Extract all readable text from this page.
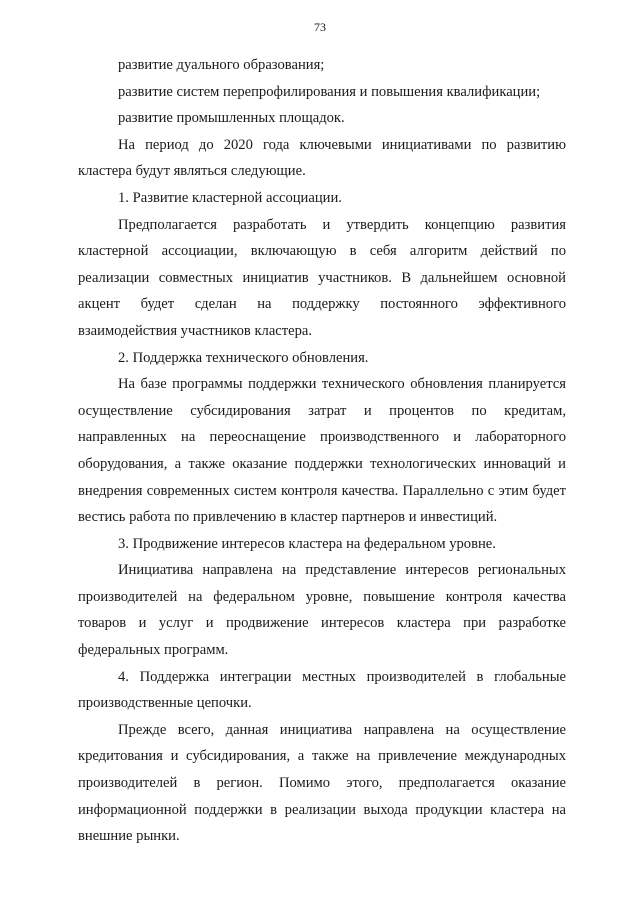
73

развитие дуального образования;

развитие систем перепрофилирования и повышения квалификации;

развитие промышленных площадок.

На период до 2020 года ключевыми инициативами по развитию кластера будут являться следующие.

1. Развитие кластерной ассоциации.

Предполагается разработать и утвердить концепцию развития кластерной ассоциации, включающую в себя алгоритм действий по реализации совместных инициатив участников. В дальнейшем основной акцент будет сделан на поддержку постоянного эффективного взаимодействия участников кластера.

2. Поддержка технического обновления.

На базе программы поддержки технического обновления планируется осуществление субсидирования затрат и процентов по кредитам, направленных на переоснащение производственного и лабораторного оборудования, а также оказание поддержки технологических инноваций и внедрения современных систем контроля качества. Параллельно с этим будет вестись работа по привлечению в кластер партнеров и инвестиций.

3. Продвижение интересов кластера на федеральном уровне.

Инициатива направлена на представление интересов региональных производителей на федеральном уровне, повышение контроля качества товаров и услуг и продвижение интересов кластера при разработке федеральных программ.

4. Поддержка интеграции местных производителей в глобальные производственные цепочки.

Прежде всего, данная инициатива направлена на осуществление кредитования и субсидирования, а также на привлечение международных производителей в регион. Помимо этого, предполагается оказание информационной поддержки в реализации выхода продукции кластера на внешние рынки.
